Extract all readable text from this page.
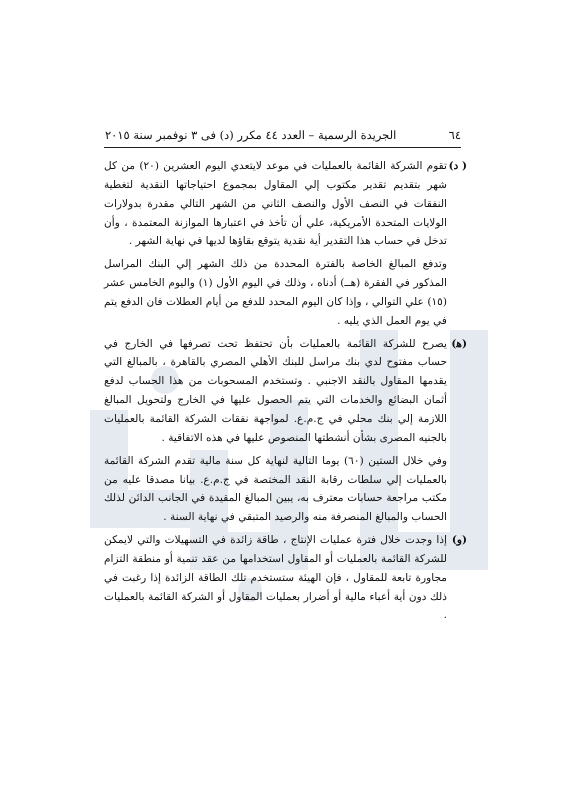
٦٤
الجريدة الرسمية – العدد ٤٤ مكرر (د) فى ٣ نوفمبر سنة ٢٠١٥
( د)
تقوم الشركة القائمة بالعمليات في موعد لايتعدي اليوم العشرين (٢٠) من كل شهر بتقديم تقدير مكتوب إلي المقاول بمجموع احتياجاتها النقدية لتغطية النفقات في النصف الأول والنصف الثاني من الشهر التالي مقدرة بدولارات الولايات المتحدة الأمريكية، علي أن تأخذ في اعتبارها الموازنة المعتمدة ، وأن تدخل في حساب هذا التقدير أية نقدية يتوقع بقاؤها لديها في نهاية الشهر .
وتدفع المبالغ الخاصة بالفترة المحددة من ذلك الشهر إلي البنك المراسل المذكور في الفقرة (هــ) أدناه ، وذلك في اليوم الأول (١) واليوم الخامس عشر (١٥) علي التوالي ، وإذا كان اليوم المحدد للدفع من أيام العطلات فان الدفع يتم في يوم العمل الذي يليه .
(ﻫ)
يصرح للشركة القائمة بالعمليات بأن تحتفظ تحت تصرفها في الخارج في حساب مفتوح لدي بنك مراسل للبنك الأهلي المصري بالقاهرة ، بالمبالغ التي يقدمها المقاول بالنقد الاجنبي . وتستخدم المسحوبات من هذا الحساب لدفع أثمان البضائع والخدمات التي يتم الحصول عليها في الخارج ولتحويل المبالغ اللازمة إلي بنك محلي في ج.م.ع. لمواجهة نفقات الشركة القائمة بالعمليات بالجنيه المصرى بشأن أنشطتها المنصوص عليها في هذه الاتفاقية .
وفي خلال الستين (٦٠) يوما التالية لنهاية كل سنة مالية تقدم الشركة القائمة بالعمليات إلي سلطات رقابة النقد المختصة في ج.م.ع. بيانا مصدقا عليه من مكتب مراجعة حسابات معترف به، يبين المبالغ المقيدة في الجانب الدائن لذلك الحساب والمبالغ المنصرفة منه والرصيد المتبقي في نهاية السنة .
(و)
إذا وجدت خلال فترة عمليات الإنتاج ، طاقة زائدة في التسهيلات والتي لايمكن للشركة القائمة بالعمليات أو المقاول استخدامها من عقد تنمية أو منطقة التزام مجاورة تابعة للمقاول ، فإن الهيئة ستستخدم تلك الطاقة الزائدة إذا رغبت في ذلك دون أية أعباء مالية أو أضرار بعمليات المقاول أو الشركة القائمة بالعمليات .
